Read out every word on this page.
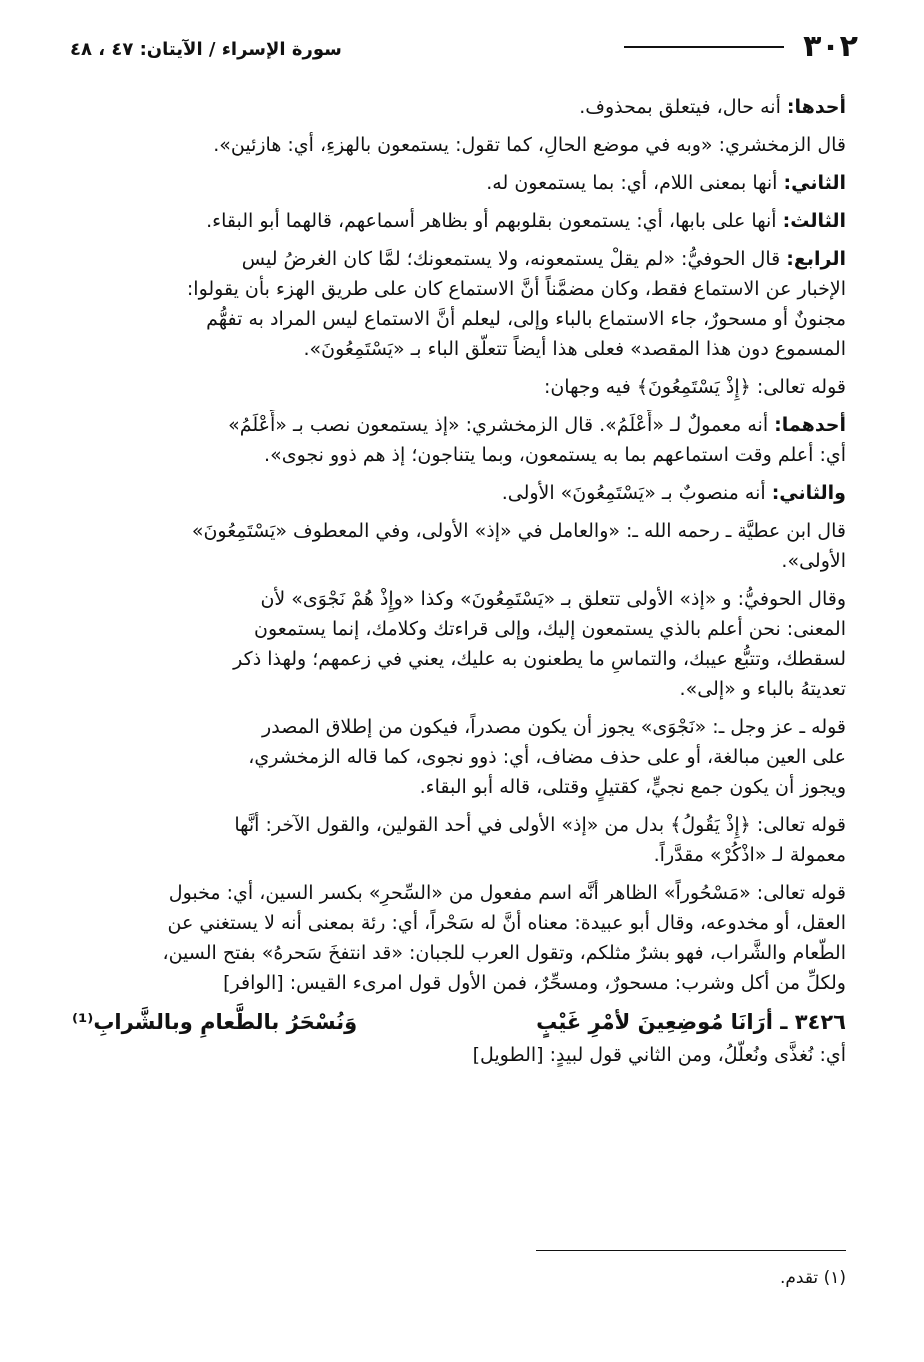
٣٠٢
سورة الإسراء / الآيتان: ٤٧ ، ٤٨
أحدها: أنه حال، فيتعلق بمحذوف.
قال الزمخشري: «وبه في موضع الحالِ، كما تقول: يستمعون بالهزءِ، أي: هازئين».
الثاني: أنها بمعنى اللام، أي: بما يستمعون له.
الثالث: أنها على بابها، أي: يستمعون بقلوبهم أو بظاهر أسماعهم، قالهما أبو البقاء.
الرابع: قال الحوفيُّ: «لم يقلْ يستمعونه، ولا يستمعونك؛ لمَّا كان الغرضُ ليس
الإخبار عن الاستماع فقط، وكان مضمَّناً أنَّ الاستماع كان على طريق الهزء بأن يقولوا:
مجنونٌ أو مسحورٌ، جاء الاستماع بالباء وإلى، ليعلم أنَّ الاستماع ليس المراد به تفهُّم
المسموع دون هذا المقصد» فعلى هذا أيضاً تتعلَّق الباء بـ «يَسْتَمِعُونَ».
قوله تعالى: ﴿إِذْ يَسْتَمِعُونَ﴾ فيه وجهان:
أحدهما: أنه معمولٌ لـ «أَعْلَمُ». قال الزمخشري: «إذ يستمعون نصب بـ «أَعْلَمُ»
أي: أعلم وقت استماعهم بما به يستمعون، وبما يتناجون؛ إذ هم ذوو نجوى».
والثاني: أنه منصوبٌ بـ «يَسْتَمِعُونَ» الأولى.
قال ابن عطيَّة ـ رحمه الله ـ: «والعامل في «إذ» الأولى، وفي المعطوف «يَسْتَمِعُونَ»
الأولى».
وقال الحوفيُّ: و «إذ» الأولى تتعلق بـ «يَسْتَمِعُونَ» وكذا «وإِذْ هُمْ نَجْوَى» لأن
المعنى: نحن أعلم بالذي يستمعون إليك، وإلى قراءتك وكلامك، إنما يستمعون
لسقطك، وتتبُّع عيبك، والتماسِ ما يطعنون به عليك، يعني في زعمهم؛ ولهذا ذكر
تعديتهُ بالباء و «إلى».
قوله ـ عز وجل ـ: «نَجْوَى» يجوز أن يكون مصدراً، فيكون من إطلاق المصدر
على العين مبالغة، أو على حذف مضاف، أي: ذوو نجوى، كما قاله الزمخشري،
ويجوز أن يكون جمع نجيٍّ، كقتيلٍ وقتلى، قاله أبو البقاء.
قوله تعالى: ﴿إِذْ يَقُولُ﴾ بدل من «إذ» الأولى في أحد القولين، والقول الآخر: أنَّها
معمولة لـ «اذْكُرْ» مقدَّراً.
قوله تعالى: «مَسْحُوراً» الظاهر أنَّه اسم مفعول من «السِّحرِ» بكسر السين، أي: مخبول
العقل، أو مخدوعه، وقال أبو عبيدة: معناه أنَّ له سَحْراً، أي: رئة بمعنى أنه لا يستغني عن
الطَّعام والشَّراب، فهو بشرٌ مثلكم، وتقول العرب للجبان: «قد انتفخَ سَحرهُ» بفتح السين،
ولكلِّ من أكل وشرب: مسحورٌ، ومسحِّرٌ، فمن الأول قول امرىء القيس: [الوافر]
٣٤٢٦ ـ أرَانَا مُوضِعِينَ لأمْرِ غَيْبٍ
وَنُسْحَرُ بالطَّعامِ وبالشَّرابِ⁽¹⁾
أي: نُغذَّى ونُعلَّلُ، ومن الثاني قول لبيدٍ: [الطويل]
(١) تقدم.
